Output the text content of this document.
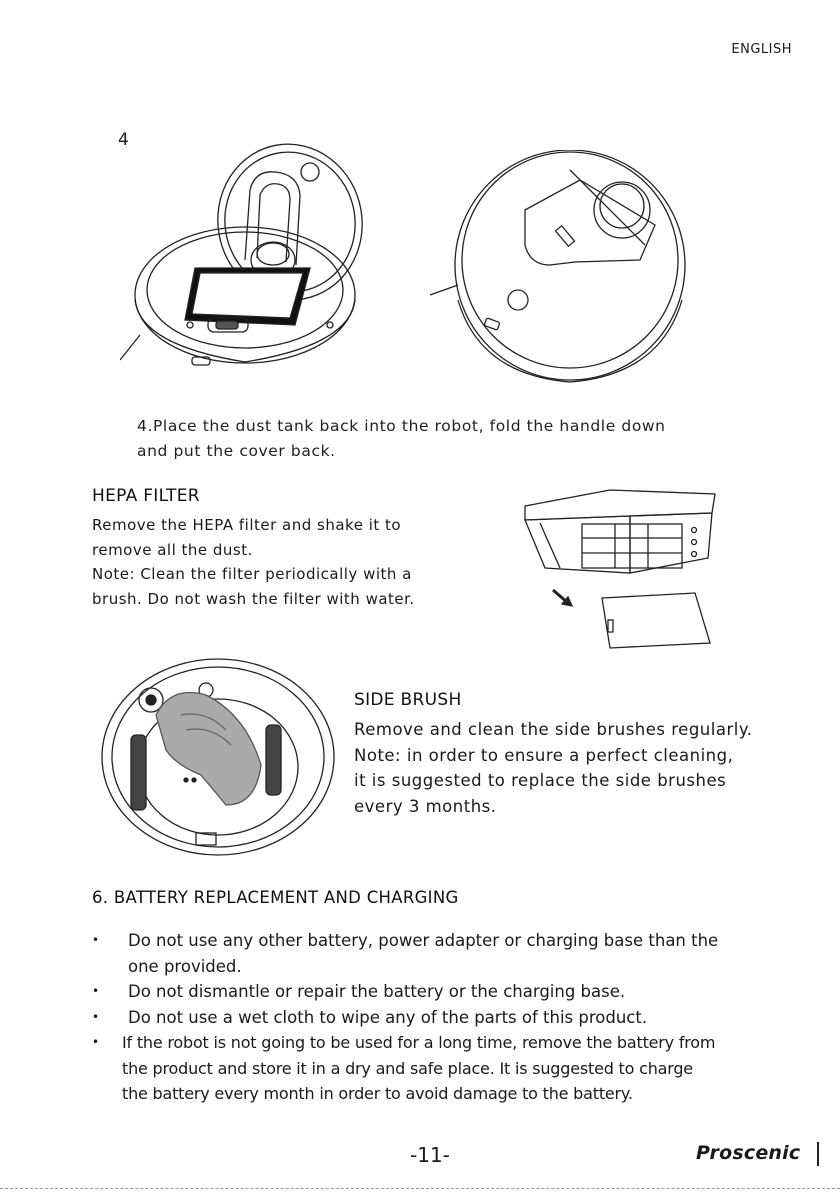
ENGLISH
4
4.Place the dust tank back into the robot, fold the handle down
and put the cover back.
HEPA FILTER
Remove the HEPA filter and shake it to
remove all the dust.
Note: Clean the filter periodically with a
brush. Do not wash the filter with water.
SIDE BRUSH
Remove and clean the side brushes regularly.
Note: in order to ensure a perfect cleaning,
it is suggested to replace the side brushes
every 3 months.
6. BATTERY REPLACEMENT AND CHARGING
• Do not use any other battery, power adapter or charging base than the
one provided.
• Do not dismantle or repair the battery or the charging base.
• Do not use a wet cloth to wipe any of the parts of this product.
• If the robot is not going to be used for a long time, remove the battery from
the product and store it in a dry and safe place. It is suggested to charge
the battery every month in order to avoid damage to the battery.
-11-	Proscenic
